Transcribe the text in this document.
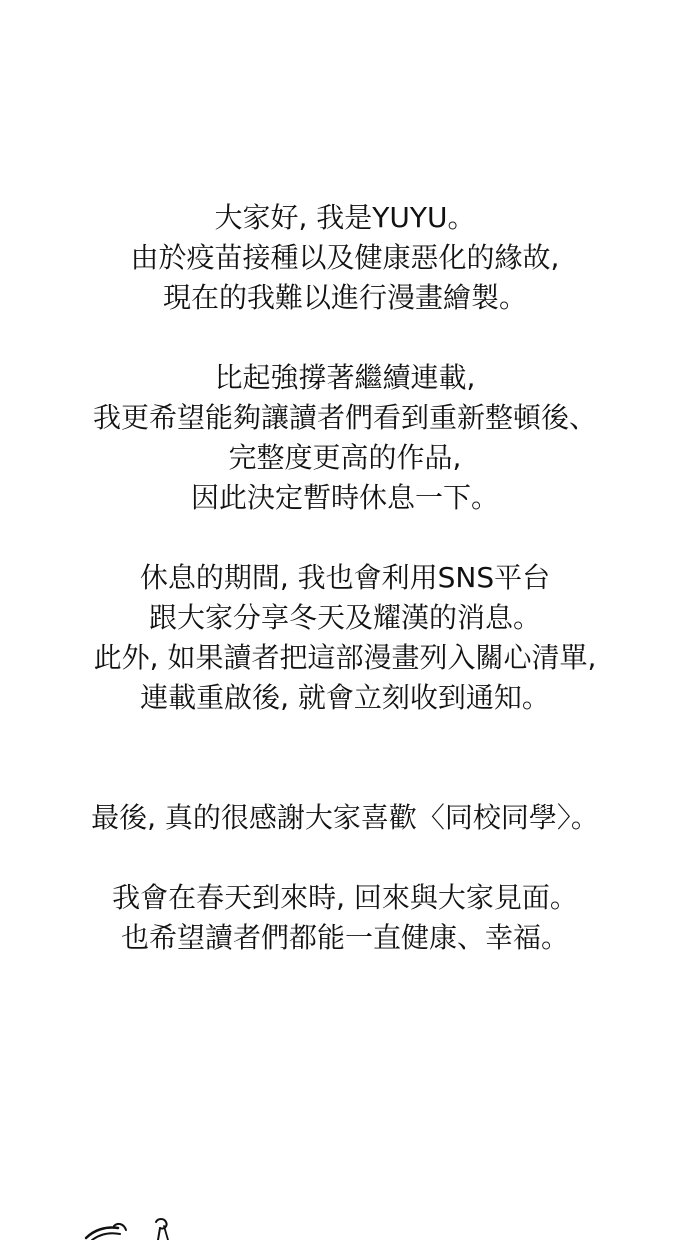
大家好, 我是YUYU。
由於疫苗接種以及健康惡化的緣故,
現在的我難以進行漫畫繪製。
比起強撐著繼續連載,
我更希望能夠讓讀者們看到重新整頓後、
完整度更高的作品,
因此決定暫時休息一下。
休息的期間, 我也會利用SNS平台
跟大家分享冬天及耀漢的消息。
此外, 如果讀者把這部漫畫列入關心清單,
連載重啟後, 就會立刻收到通知。
最後, 真的很感謝大家喜歡〈同校同學〉。
我會在春天到來時, 回來與大家見面。
也希望讀者們都能一直健康、幸福。
